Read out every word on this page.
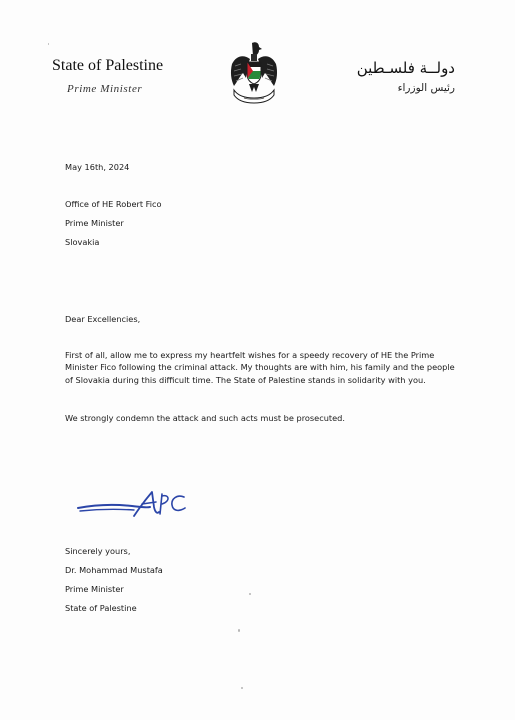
State of Palestine
Prime Minister
دولــة فلسـطين
رئيس الوزراء
May 16th, 2024
Office of HE Robert Fico
Prime Minister
Slovakia
Dear Excellencies,
First of all, allow me to express my heartfelt wishes for a speedy recovery of HE the Prime Minister Fico following the criminal attack. My thoughts are with him, his family and the people of Slovakia during this difficult time. The State of Palestine stands in solidarity with you.
We strongly condemn the attack and such acts must be prosecuted.
Sincerely yours,
Dr. Mohammad Mustafa
Prime Minister
State of Palestine
